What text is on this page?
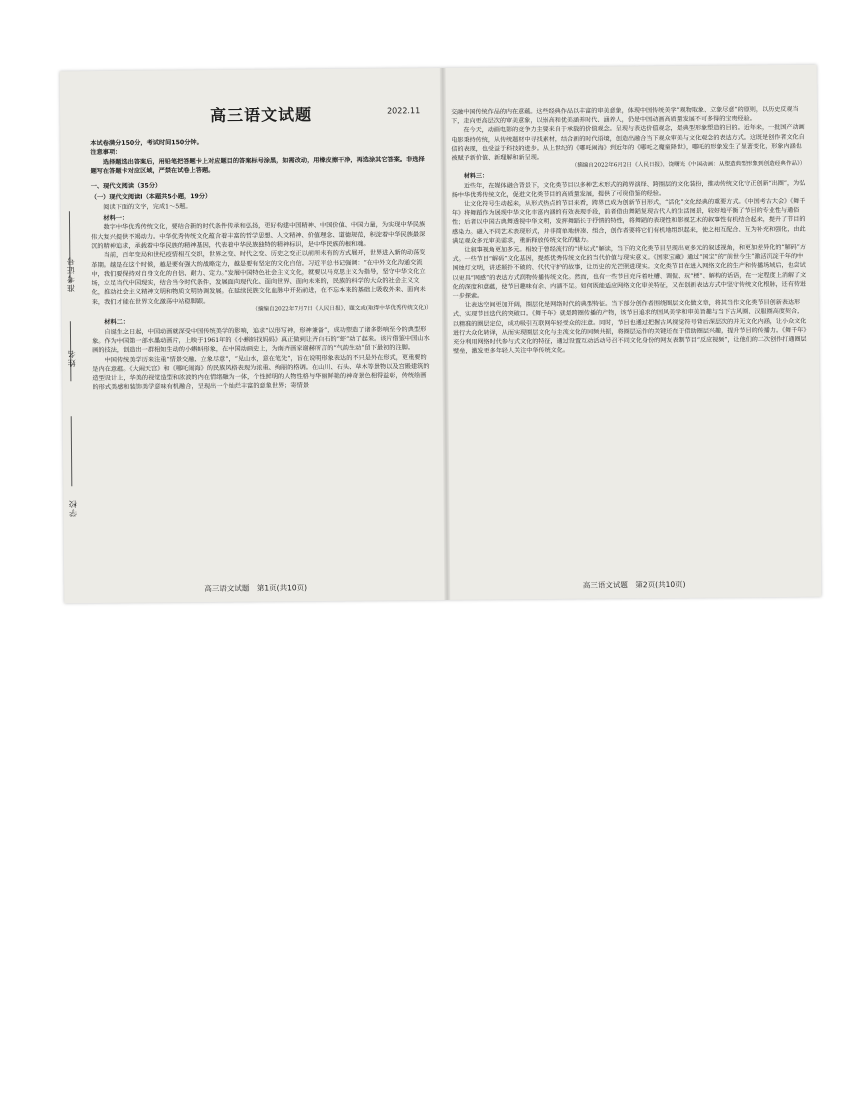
准考证号
姓名
学校
高三语文试题	2022.11

本试卷满分150分，考试时间150分钟。

注意事项：

选择题选出答案后，用铅笔把答题卡上对应题目的答案标号涂黑，如需改动，用橡皮擦干净，再选涂其它答案。非选择题写在答题卡对应区域，严禁在试卷上答题。

一、现代文阅读（35分）

（一）现代文阅读Ⅰ（本题共5小题，19分）

阅读下面的文字，完成1～5题。

材料一：

数字中华优秀传统文化，要结合新的时代条件传承和弘扬，更好构建中国精神、中国价值、中国力量，为实现中华民族伟大复兴提供不竭动力。中华优秀传统文化蕴含着丰富的哲学思想、人文精神、价值理念、道德规范，积淀着中华民族最深沉的精神追求，承载着中华民族的精神基因，代表着中华民族独特的精神标识，是中华民族的根和魂。

当前，百年变局和世纪疫情相互交织，世界之变、时代之变、历史之变正以前所未有的方式展开，世界进入新的动荡变革期。越是在这个时候，越是要有强大的战略定力，越是要有坚定的文化自信。习近平总书记强调：“在中外文化沟通交流中，我们要保持对自身文化的自信、耐力、定力。”发展中国特色社会主义文化，就要以马克思主义为指导，坚守中华文化立场，立足当代中国现实，结合当今时代条件，发展面向现代化、面向世界、面向未来的，民族的科学的大众的社会主义文化，推动社会主义精神文明和物质文明协调发展。在延续民族文化血脉中开拓前进，在不忘本来的基础上吸收外来、面向未来，我们才能在世界文化激荡中站稳脚跟。

（摘编自2022年7月7日《人民日报》，题文或(取得中华优秀传统文化)）

材料二：

自诞生之日起，中国动画就深受中国传统美学的影响，追求“以形写神，形神兼备”，成功塑造了诸多影响至今的典型形象。作为中国第一部水墨动画片，上映于1961年的《小蝌蚪找妈妈》真正做到让齐白石的“虾”动了起来。该片借鉴中国山水画的技法，创造出一群相知生动的小蝌蚪形象，在中国动画史上，为南齐画家谢赫所言的“气韵生动”留下最初的注脚。

中国传统美学历来注重“情景交融、立象尽意”，“见山水，意在笔先”，旨在说明形象表达的不只是外在形式，更重要的是内在意蕴。《大闹天宫》和《哪吒闹海》的民族风格表现为浓重、绚丽的格调。在山川、石头、草木等景物以及宫殿建筑的造型设计上，华美的视觉造型和浓波的内在情绪融为一体，个性鲜明的人物性格与华丽鲜艳的神奇景色相得益彰，传统绘画的形式美感和装饰美学意味有机融合，呈现出一个灿烂丰富的意象世界；寄情景

高三语文试题　第1页(共10页)

交融中国传统作品的内在意蕴。这些经典作品以丰富的审美意象，体现中国传统美学“观物取象、立象尽意”的原则，以历史反观当下，走向更高层次的审美意象，以崇高和优美涵养时代、涵养人，仍是中国动画高质量发展不可多得的宝贵经验。

在今天，动画电影的竞争力主要来自于承载的价值观念。呈现与表达价值观念，是典型形象塑造的目的。近年来，一批国产动画电影秉持传统，从传统题材中寻找素材，结合新的时代语境，创造出融合当下观众审美与文化观念的表达方式。这既是创作者文化自信的表现，也受益于科技的进步。从上世纪的《哪吒闹海》到近年的《哪吒之魔童降世》，哪吒的形象发生了显著变化，形象内涵也被赋予新价值、新理解和新呈现。

（摘编自2022年6月2日《人民日报》，饶曙光《中国动画：从塑造典型形象到创造经典作品》）

材料三：

近些年，在媒体融合背景下，文化类节目以多种艺术形式的跨界演绎、跨圈层的文化装扮，推动传统文化守正创新“出圈”，为弘扬中华优秀传统文化，促进文化类节目的高质量发展，提供了可资借鉴的经验。

让文化符号生动起来，从形式热点的节目来看，跨界已成为创新节目形式，“活化”文化经典的重要方式。《中国考古大会》《舞千年》将舞蹈作为展现中华文化丰富内涵的有效表现手段，前者借由舞蹈复现古代人的生活图景，较好地平衡了节目的专业性与通俗性；后者以中国古典舞透视中华文明，发挥舞蹈长于抒情的特性，将舞蹈的表现性和影视艺术的叙事性有机结合起来，提升了节目的感染力。融入不同艺术表现形式，并非简单地拼凑、组合，创作者要将它们有机地组织起来，使之相互配合、互为补充和强化，由此满足观众多元审美需求，重新释放传统文化的魅力。

让叙事视角更加多元。相较于曾经流行的“讲坛式”解读，当下的文化类节目呈现出更多元的叙述视角，和更加差异化的“解码”方式。一些节目“解码”文化基因，提炼优秀传统文化的当代价值与现实意义。《国家宝藏》通过“国宝”的“前世今生”激活沉淀千年的中国烛灯文明，讲述颠扑不破的、代代守护的故事，让历史的光芒照进现实。文化类节目在进入网络文化的生产和传播场域后，也尝试以更具“网感”的表达方式润物传播传统文化。然而，也有一些节目充斥着吐槽、调侃、玩“梗”、解构的话语，在一定程度上消解了文化的深度和意蕴，使节目趣味有余、内涵不足。如何既能适应网络文化审美特征，又在创新表达方式中坚守传统文化根脉，还有待进一步探索。

让表达空间更加开阔，圈层化是网络时代的典型特征。当下部分创作者围绕圈层文化做文章，将其当作文化类节目创新表达形式、实现节目迭代的突破口。《舞千年》就是跨圈传播的产物，该节目追求的国风美学和审美旨趣与当下古风圈、汉服圈高度契合，以精准的圈层定位，成功吸引互联网年轻受众的注意。同时，节目也通过把握古风视觉符号背后深层次的并无文化内涵，让小众文化进行大众化转译，从而实现圈层文化与主流文化的同频共振，将圈层运作的关键还在于借助圈层兴趣，提升节目的传播力。《舞千年》充分利用网络时代参与式文化的特征，通过设置互动活动号召不同文化身份的网友表制节目“反应视频”，让他们的二次创作打通圈层壁垒，激发更多年轻人关注中华传统文化。

高三语文试题　第2页(共10页)
